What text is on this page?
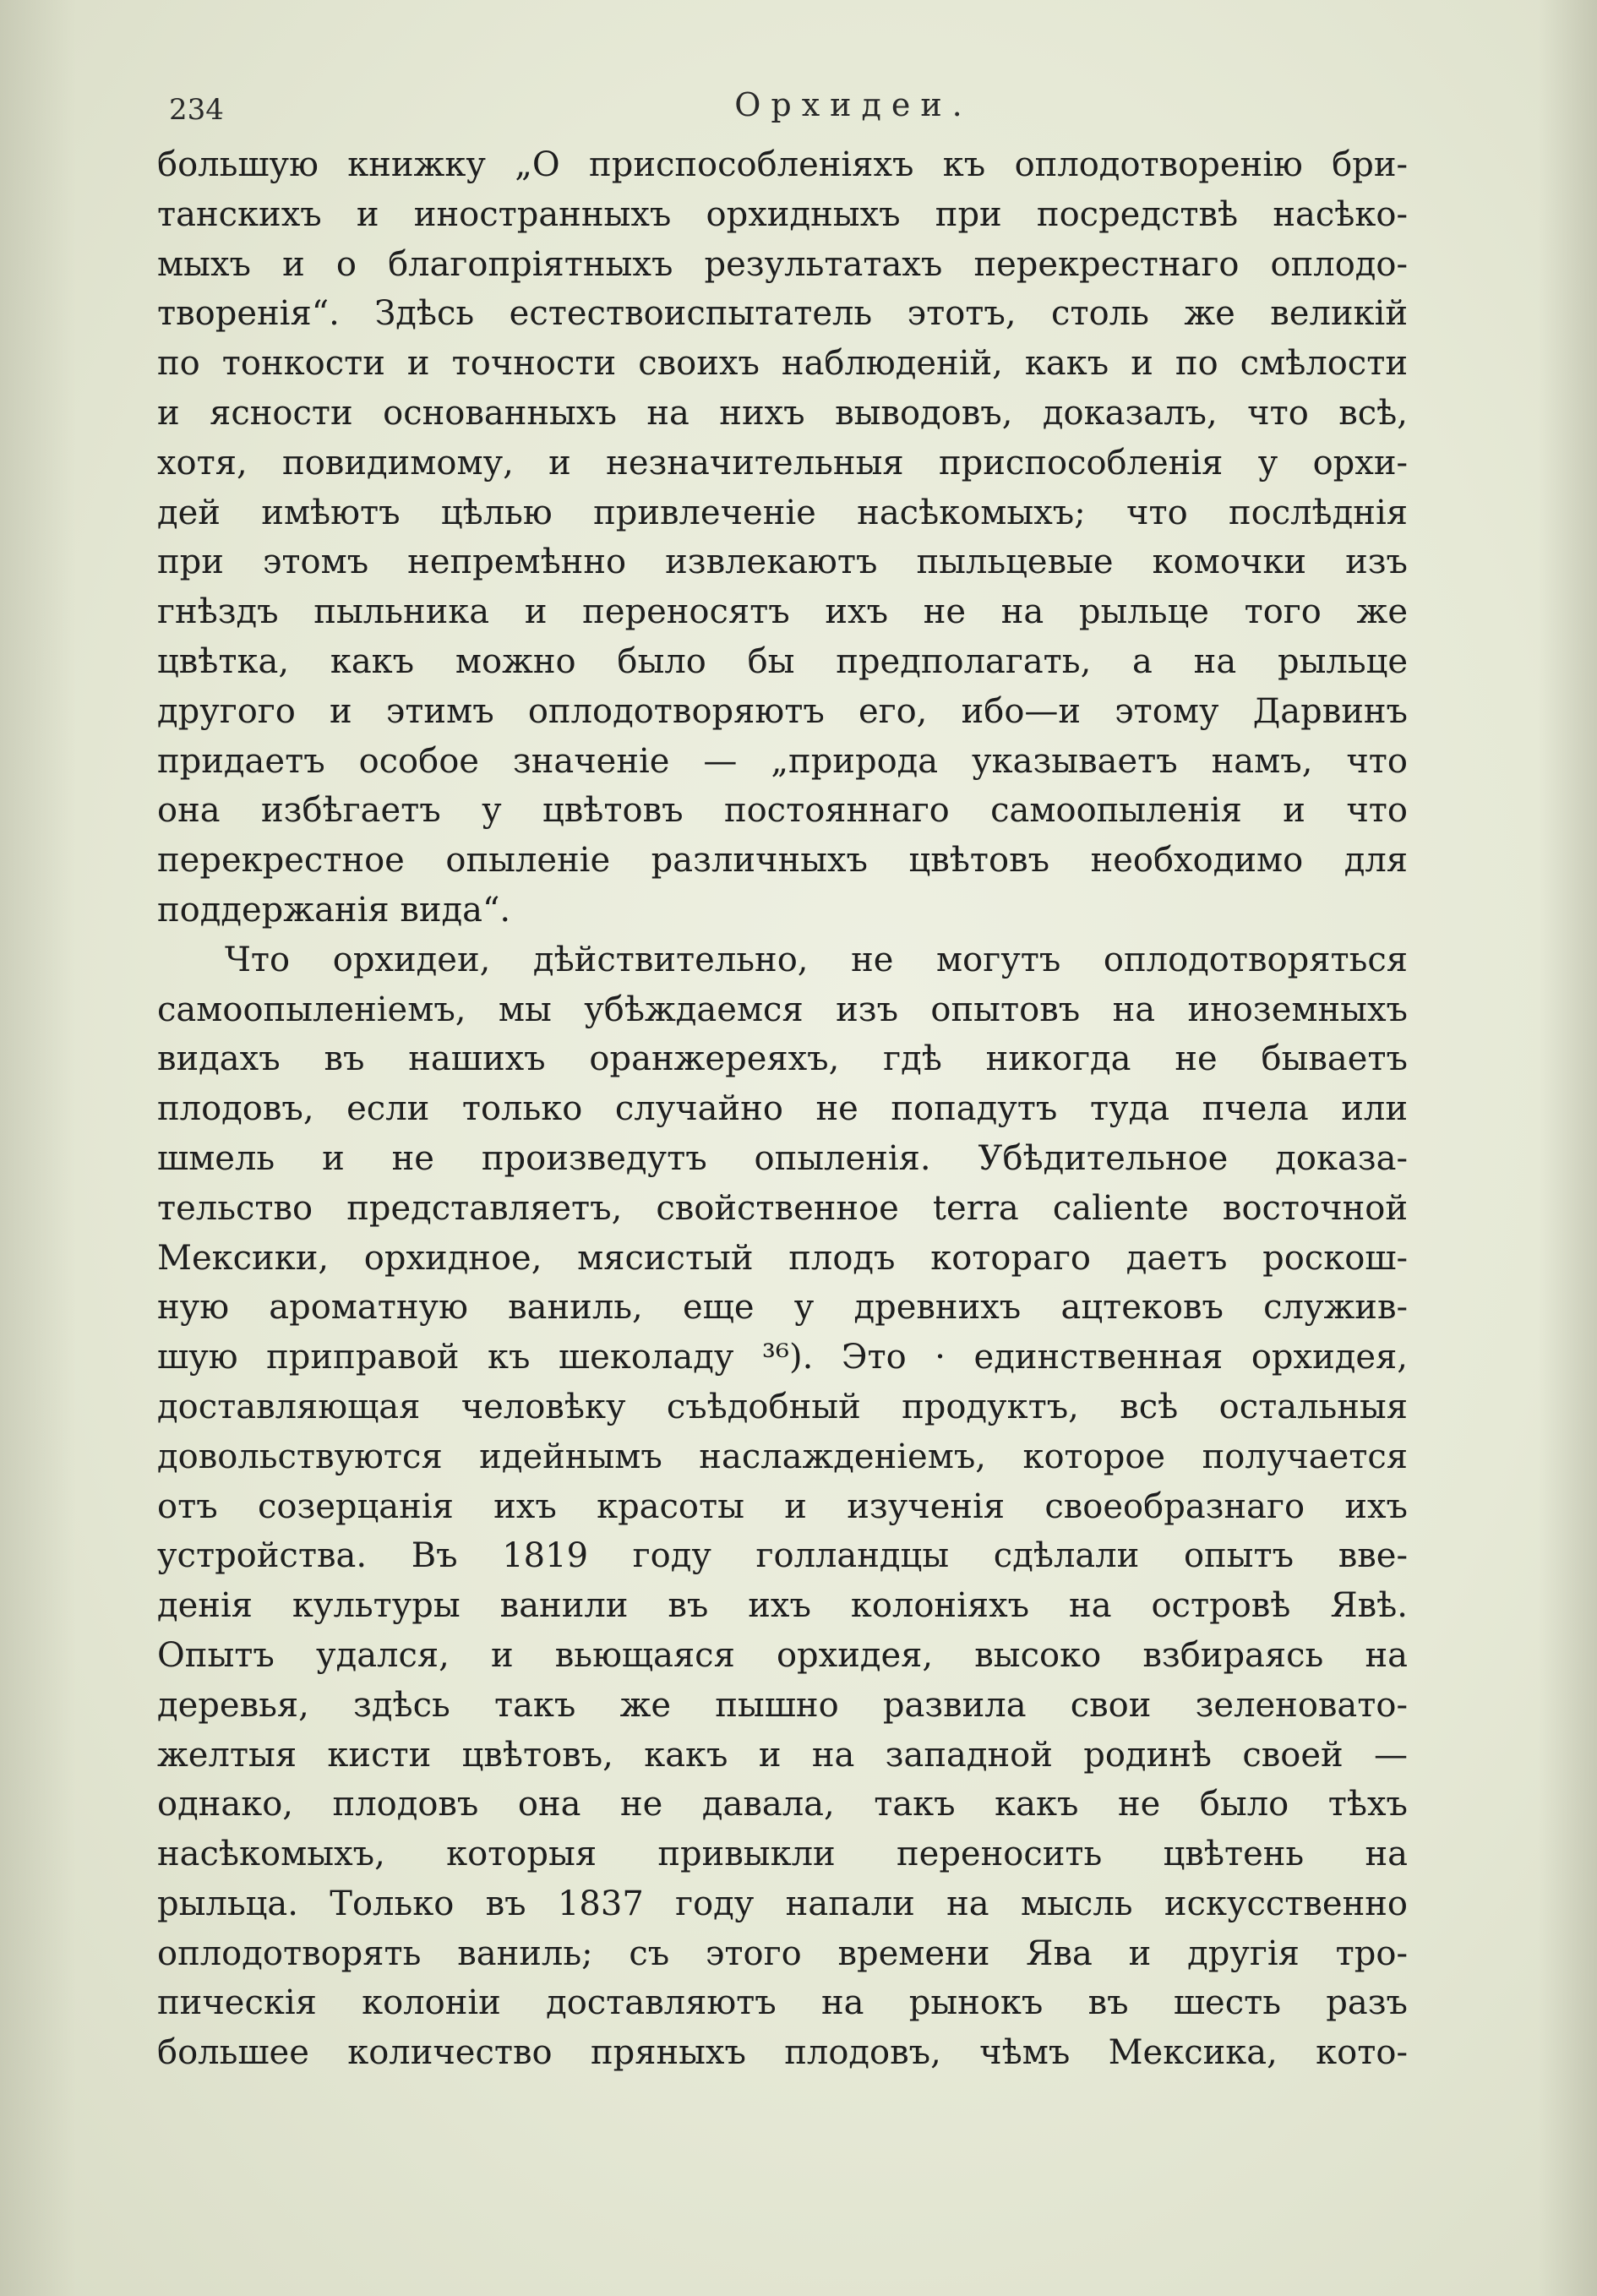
234	Орхидеи.
большую книжку „О приспособленіяхъ къ оплодотворенію бри-
танскихъ и иностранныхъ орхидныхъ при посредствѣ насѣко-
мыхъ и о благопріятныхъ результатахъ перекрестнаго оплодо-
творенія“. Здѣсь естествоиспытатель этотъ, столь же великій
по тонкости и точности своихъ наблюденій, какъ и по смѣлости
и ясности основанныхъ на нихъ выводовъ, доказалъ, что всѣ,
хотя, повидимому, и незначительныя приспособленія у орхи-
дей имѣютъ цѣлью привлеченіе насѣкомыхъ; что послѣднія
при этомъ непремѣнно извлекаютъ пыльцевые комочки изъ
гнѣздъ пыльника и переносятъ ихъ не на рыльце того же
цвѣтка, какъ можно было бы предполагать, а на рыльце
другого и этимъ оплодотворяютъ его, ибо—и этому Дарвинъ
придаетъ особое значеніе — „природа указываетъ намъ, что
она избѣгаетъ у цвѣтовъ постояннаго самоопыленія и что
перекрестное опыленіе различныхъ цвѣтовъ необходимо для
поддержанія вида“.
Что орхидеи, дѣйствительно, не могутъ оплодотворяться
самоопыленіемъ, мы убѣждаемся изъ опытовъ на иноземныхъ
видахъ въ нашихъ оранжереяхъ, гдѣ никогда не бываетъ
плодовъ, если только случайно не попадутъ туда пчела или
шмель и не произведутъ опыленія. Убѣдительное доказа-
тельство представляетъ, свойственное terra caliente восточной
Мексики, орхидное, мясистый плодъ котораго даетъ роскош-
ную ароматную ваниль, еще у древнихъ ацтековъ служив-
шую приправой къ шеколаду ³⁶). Это · единственная орхидея,
доставляющая человѣку съѣдобный продуктъ, всѣ остальныя
довольствуются идейнымъ наслажденіемъ, которое получается
отъ созерцанія ихъ красоты и изученія своеобразнаго ихъ
устройства. Въ 1819 году голландцы сдѣлали опытъ вве-
денія культуры ванили въ ихъ колоніяхъ на островѣ Явѣ.
Опытъ удался, и вьющаяся орхидея, высоко взбираясь на
деревья, здѣсь такъ же пышно развила свои зеленовато-
желтыя кисти цвѣтовъ, какъ и на западной родинѣ своей —
однако, плодовъ она не давала, такъ какъ не было тѣхъ
насѣкомыхъ, которыя привыкли переносить цвѣтень на
рыльца. Только въ 1837 году напали на мысль искусственно
оплодотворять ваниль; съ этого времени Ява и другія тро-
пическія колоніи доставляютъ на рынокъ въ шесть разъ
большее количество пряныхъ плодовъ, чѣмъ Мексика, кото-
